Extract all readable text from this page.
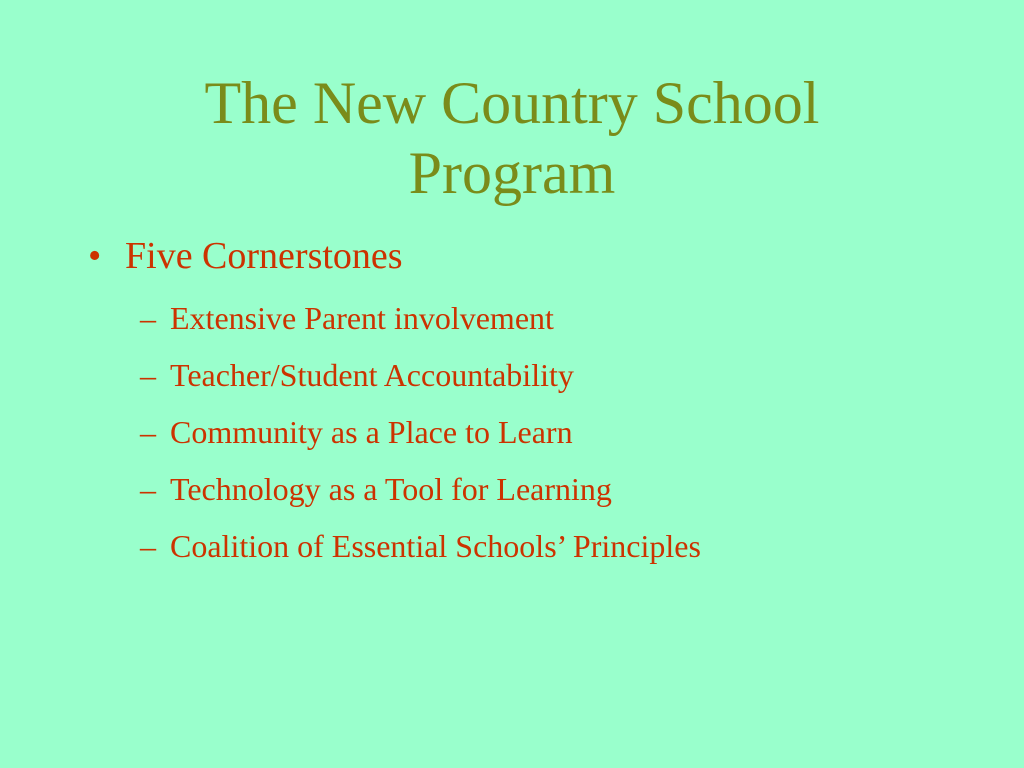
The New Country School
Program
• Five Cornerstones
– Extensive Parent involvement
– Teacher/Student Accountability
– Community as a Place to Learn
– Technology as a Tool for Learning
– Coalition of Essential Schools’ Principles
